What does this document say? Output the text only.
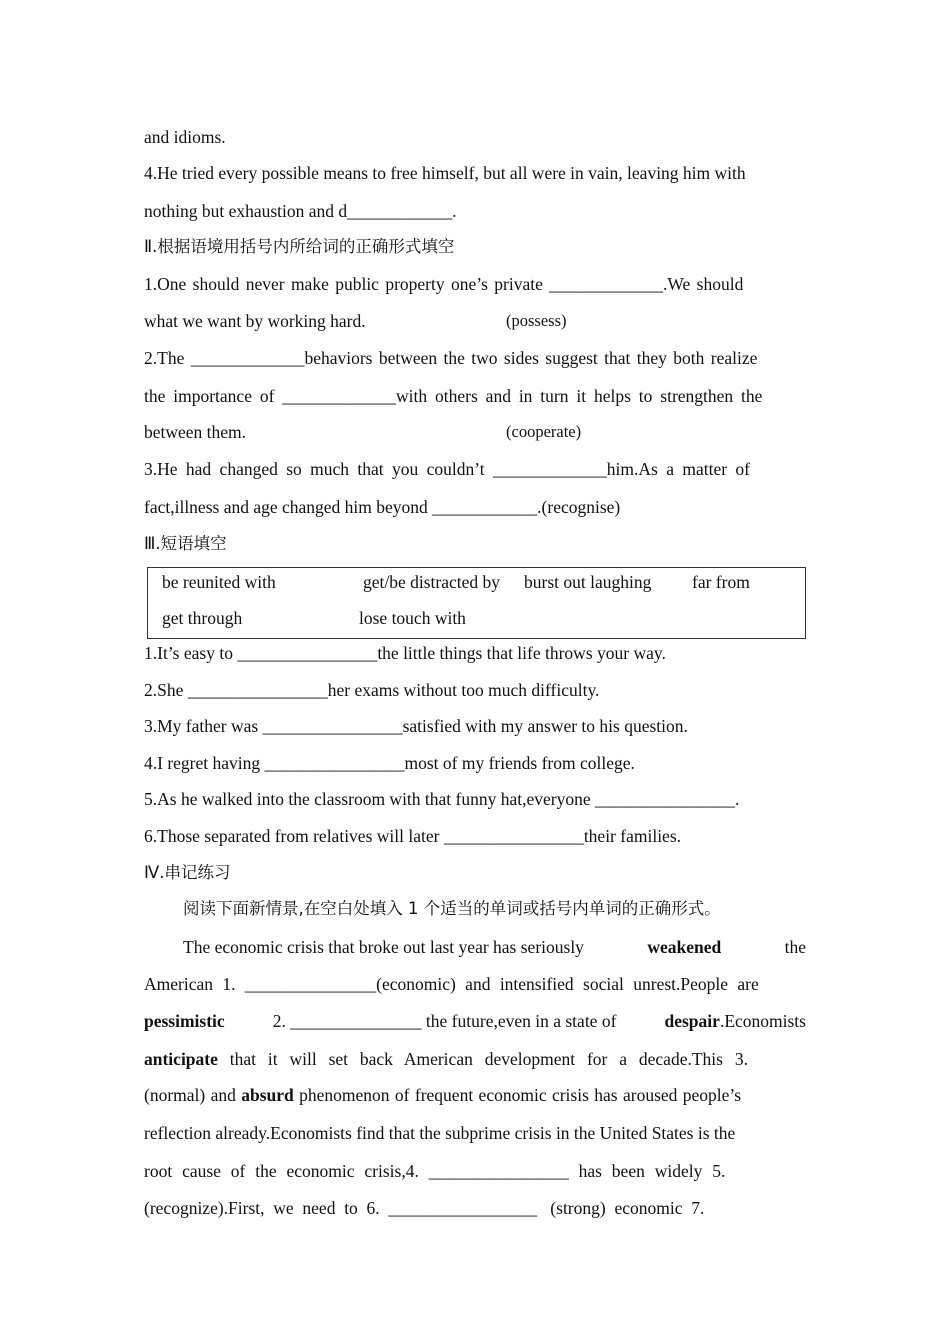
and idioms.
4.He tried every possible means to free himself, but all were in vain, leaving him with
nothing but exhaustion and d____________.
Ⅱ.根据语境用括号内所给词的正确形式填空
1.One should never make public property one’s private _____________.We should
what we want by working hard.	(possess)
2.The _____________behaviors between the two sides suggest that they both realize
the importance of _____________with others and in turn it helps to strengthen the
between them.	(cooperate)
3.He had changed so much that you couldn’t _____________him.As a matter of
fact,illness and age changed him beyond ____________.(recognise)
Ⅲ.短语填空
be reunited with	get/be distracted by burst out laughing far from
get through	lose touch with
1.It’s easy to ________________the little things that life throws your way.
2.She ________________her exams without too much difficulty.
3.My father was ________________satisfied with my answer to his question.
4.I regret having ________________most of my friends from college.
5.As he walked into the classroom with that funny hat,everyone ________________.
6.Those separated from relatives will later ________________their families.
Ⅳ.串记练习
阅读下面新情景,在空白处填入 1 个适当的单词或括号内单词的正确形式。
The economic crisis that broke out last year has seriously	weakened	the
American 1. _______________(economic) and intensified social unrest.People are
pessimistic	2. _______________ the future,even in a state of	despair.Economists
anticipate that it will set back American development for a decade.This 3.
(normal) and absurd phenomenon of frequent economic crisis has aroused people’s
reflection already.Economists find that the subprime crisis in the United States is the
root cause of the economic crisis,4. ________________ has been widely 5.
(recognize).First,  we  need  to  6.  _________________   (strong)  economic  7.
